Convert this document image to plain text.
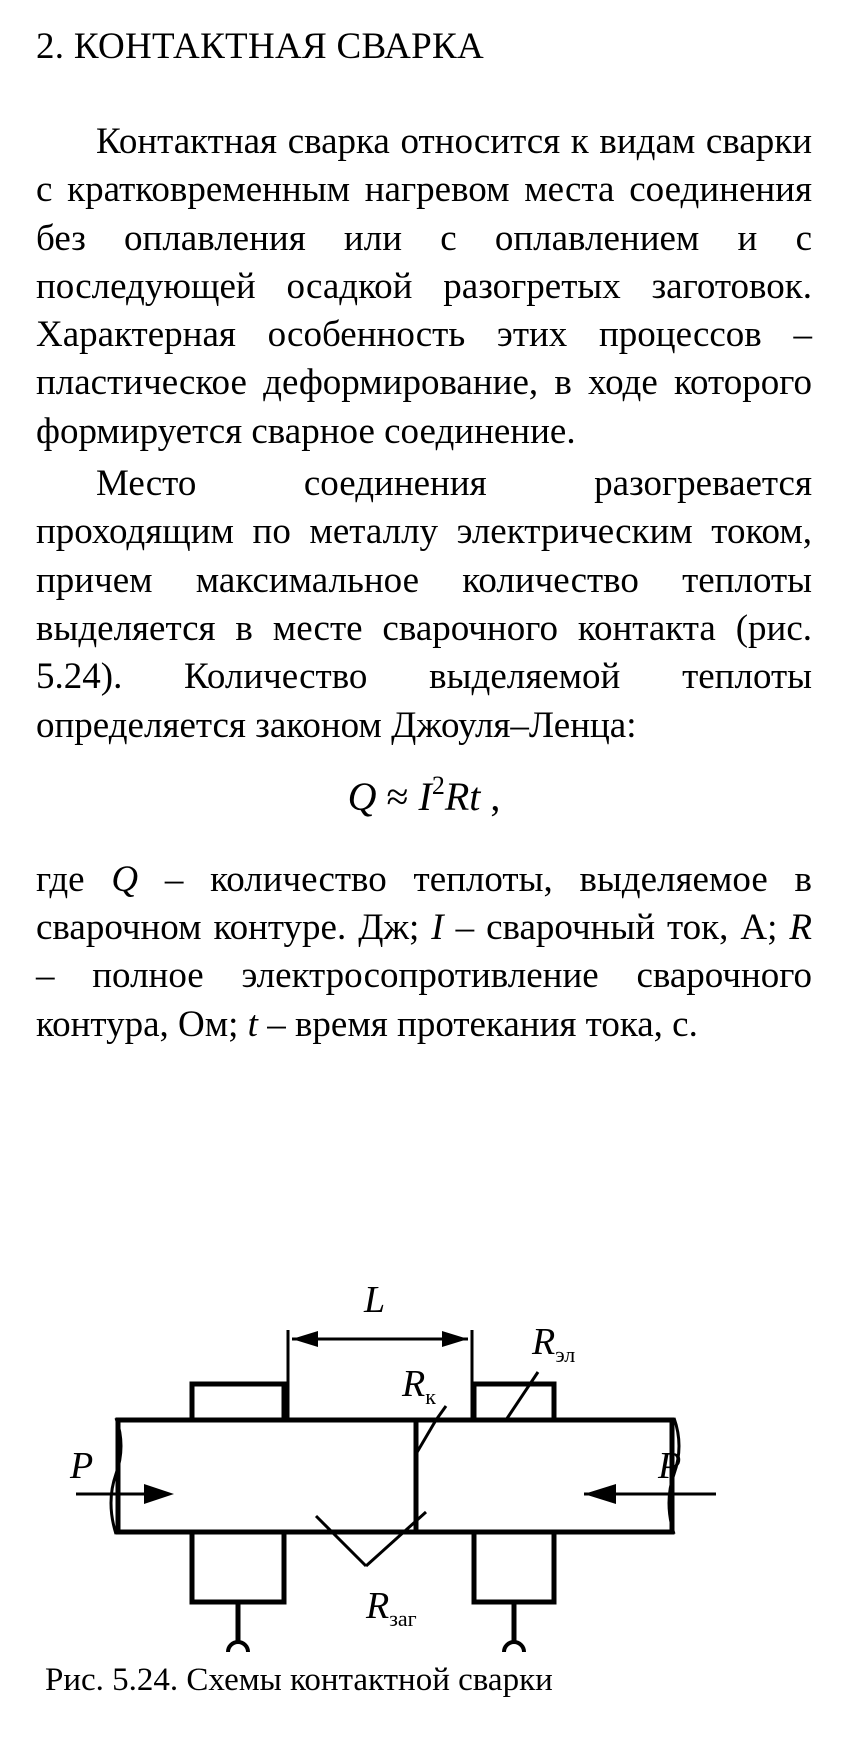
2. КОНТАКТНАЯ СВАРКА

Контактная сварка относится к видам сварки с кратковременным нагревом места соединения без оплавления или с оплавлением и с последующей осадкой разогретых заготовок. Характерная особенность этих процессов – пластическое деформирование, в ходе которого формируется сварное соединение.

Место соединения разогревается проходящим по металлу электрическим током, причем максимальное количество теплоты выделяется в месте сварочного контакта (рис. 5.24). Количество выделяемой теплоты определяется законом Джоуля–Ленца:

$Q \approx I^2Rt$ ,

где Q – количество теплоты, выделяемое в сварочном контуре. Дж; I – сварочный ток, А; R – полное электросопротивление сварочного контура, Ом; t – время протекания тока, с.

L
$R_{эл}$
$R_к$
$R_{заг}$
P	P
Рис. 5.24. Схемы контактной сварки
